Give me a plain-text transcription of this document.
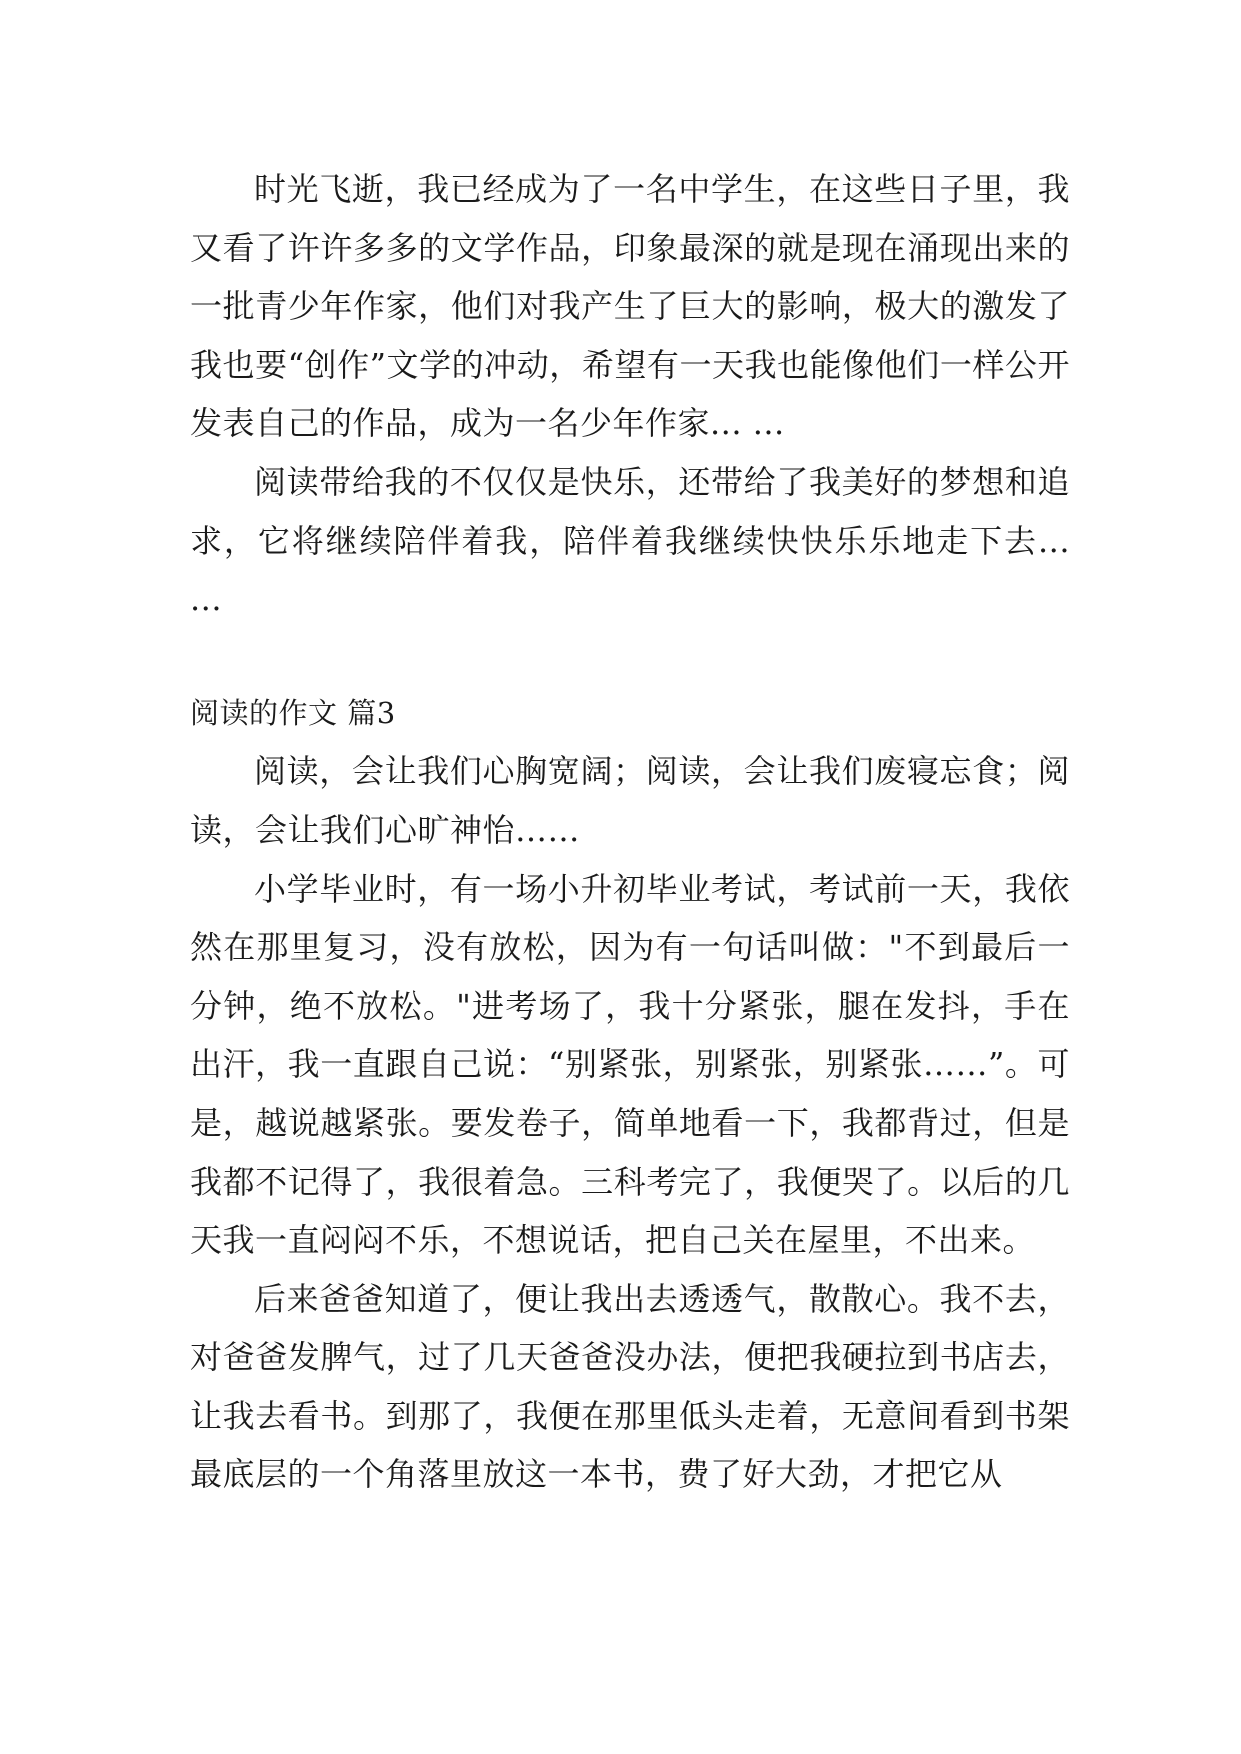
时光飞逝，我已经成为了一名中学生，在这些日子里，我又看了许许多多的文学作品，印象最深的就是现在涌现出来的一批青少年作家，他们对我产生了巨大的影响，极大的激发了我也要“创作”文学的冲动，希望有一天我也能像他们一样公开发表自己的作品，成为一名少年作家... ...

阅读带给我的不仅仅是快乐，还带给了我美好的梦想和追求，它将继续陪伴着我，陪伴着我继续快快乐乐地走下去... ...

阅读的作文 篇3

阅读，会让我们心胸宽阔；阅读，会让我们废寝忘食；阅读，会让我们心旷神怡……

小学毕业时，有一场小升初毕业考试，考试前一天，我依然在那里复习，没有放松，因为有一句话叫做："不到最后一分钟，绝不放松。"进考场了，我十分紧张，腿在发抖，手在出汗，我一直跟自己说：“别紧张，别紧张，别紧张……”。可是，越说越紧张。要发卷子，简单地看一下，我都背过，但是我都不记得了，我很着急。三科考完了，我便哭了。以后的几天我一直闷闷不乐，不想说话，把自己关在屋里，不出来。

后来爸爸知道了，便让我出去透透气，散散心。我不去，对爸爸发脾气，过了几天爸爸没办法，便把我硬拉到书店去，让我去看书。到那了，我便在那里低头走着，无意间看到书架最底层的一个角落里放这一本书，费了好大劲，才把它从
